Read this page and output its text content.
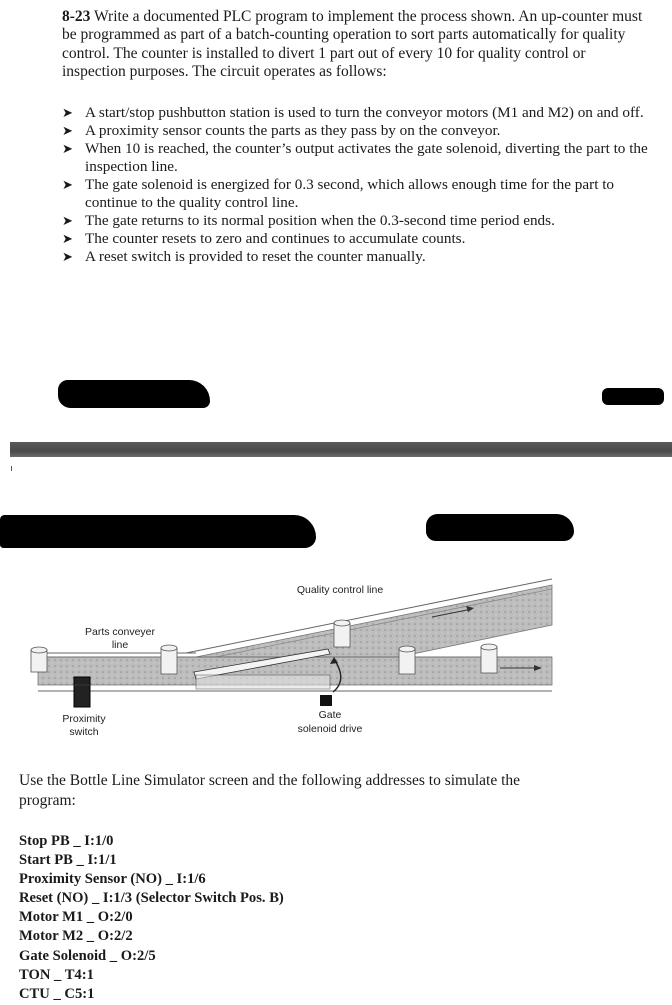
8-23 Write a documented PLC program to implement the process shown. An up-counter must be programmed as part of a batch-counting operation to sort parts automatically for quality control. The counter is installed to divert 1 part out of every 10 for quality control or inspection purposes. The circuit operates as follows:
➤ A start/stop pushbutton station is used to turn the conveyor motors (M1 and M2) on and off.
➤ A proximity sensor counts the parts as they pass by on the conveyor.
➤ When 10 is reached, the counter’s output activates the gate solenoid, diverting the part to the inspection line.
➤ The gate solenoid is energized for 0.3 second, which allows enough time for the part to continue to the quality control line.
➤ The gate returns to its normal position when the 0.3-second time period ends.
➤ The counter resets to zero and continues to accumulate counts.
➤ A reset switch is provided to reset the counter manually.
Quality control line
Parts conveyer
line
Proximity
switch
Gate
solenoid drive
Use the Bottle Line Simulator screen and the following addresses to simulate the program:
Stop PB _ I:1/0
Start PB _ I:1/1
Proximity Sensor (NO) _ I:1/6
Reset (NO) _ I:1/3 (Selector Switch Pos. B)
Motor M1 _ O:2/0
Motor M2 _ O:2/2
Gate Solenoid _ O:2/5
TON _ T4:1
CTU _ C5:1
